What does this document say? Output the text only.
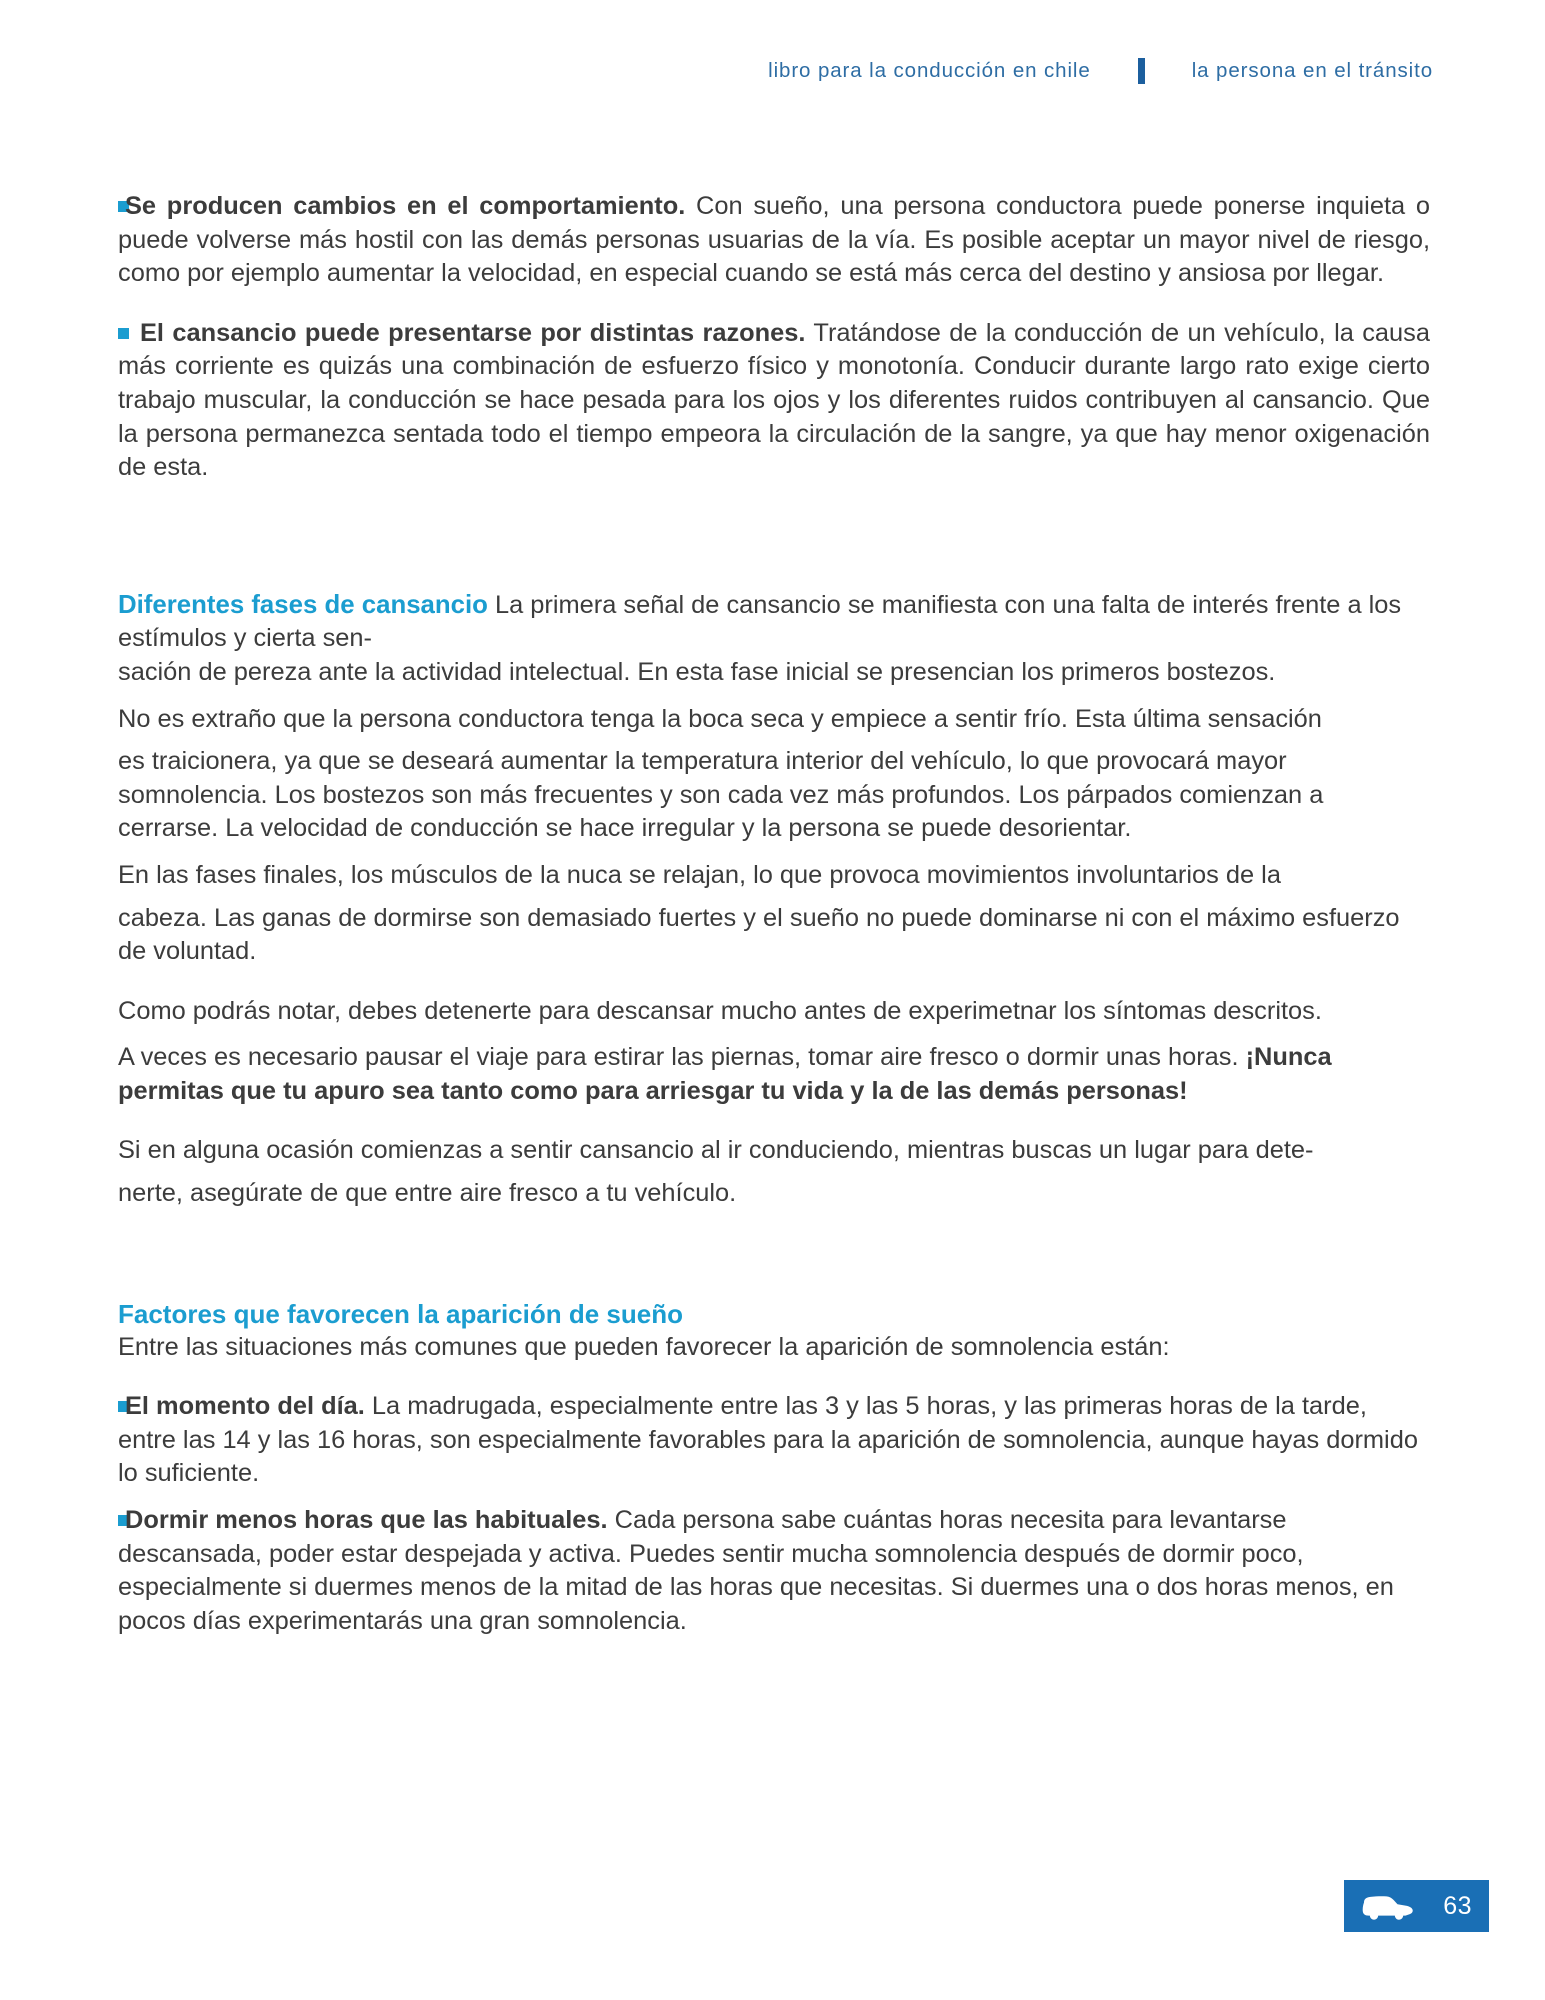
libro para la conducción en chile	la persona en el tránsito

Se producen cambios en el comportamiento. Con sueño, una persona conductora puede ponerse inquieta o puede volverse más hostil con las demás personas usuarias de la vía. Es posible aceptar un mayor nivel de riesgo, como por ejemplo aumentar la velocidad, en especial cuando se está más cerca del destino y ansiosa por llegar.

El cansancio puede presentarse por distintas razones. Tratándose de la conducción de un vehículo, la causa más corriente es quizás una combinación de esfuerzo físico y monotonía. Conducir durante largo rato exige cierto trabajo muscular, la conducción se hace pesada para los ojos y los diferentes ruidos contribuyen al cansancio. Que la persona permanezca sentada todo el tiempo empeora la circulación de la sangre, ya que hay menor oxigenación de esta.

Diferentes fases de cansancio La primera señal de cansancio se manifiesta con una falta de interés frente a los estímulos y cierta sen-

sación de pereza ante la actividad intelectual. En esta fase inicial se presencian los primeros bostezos.

No es extraño que la persona conductora tenga la boca seca y empiece a sentir frío. Esta última sensación
es traicionera, ya que se deseará aumentar la temperatura interior del vehículo, lo que provocará mayor somnolencia. Los bostezos son más frecuentes y son cada vez más profundos. Los párpados comienzan a cerrarse. La velocidad de conducción se hace irregular y la persona se puede desorientar.

En las fases finales, los músculos de la nuca se relajan, lo que provoca movimientos involuntarios de la
cabeza. Las ganas de dormirse son demasiado fuertes y el sueño no puede dominarse ni con el máximo esfuerzo de voluntad.

Como podrás notar, debes detenerte para descansar mucho antes de experimetnar los síntomas descritos.

A veces es necesario pausar el viaje para estirar las piernas, tomar aire fresco o dormir unas horas. ¡Nunca permitas que tu apuro sea tanto como para arriesgar tu vida y la de las demás personas!

Si en alguna ocasión comienzas a sentir cansancio al ir conduciendo, mientras buscas un lugar para dete-
nerte, asegúrate de que entre aire fresco a tu vehículo.

Factores que favorecen la aparición de sueño

Entre las situaciones más comunes que pueden favorecer la aparición de somnolencia están:

El momento del día. La madrugada, especialmente entre las 3 y las 5 horas, y las primeras horas de la tarde, entre las 14 y las 16 horas, son especialmente favorables para la aparición de somnolencia, aunque hayas dormido lo suficiente.

Dormir menos horas que las habituales. Cada persona sabe cuántas horas necesita para levantarse descansada, poder estar despejada y activa. Puedes sentir mucha somnolencia después de dormir poco, especialmente si duermes menos de la mitad de las horas que necesitas. Si duermes una o dos horas menos, en pocos días experimentarás una gran somnolencia.

63
